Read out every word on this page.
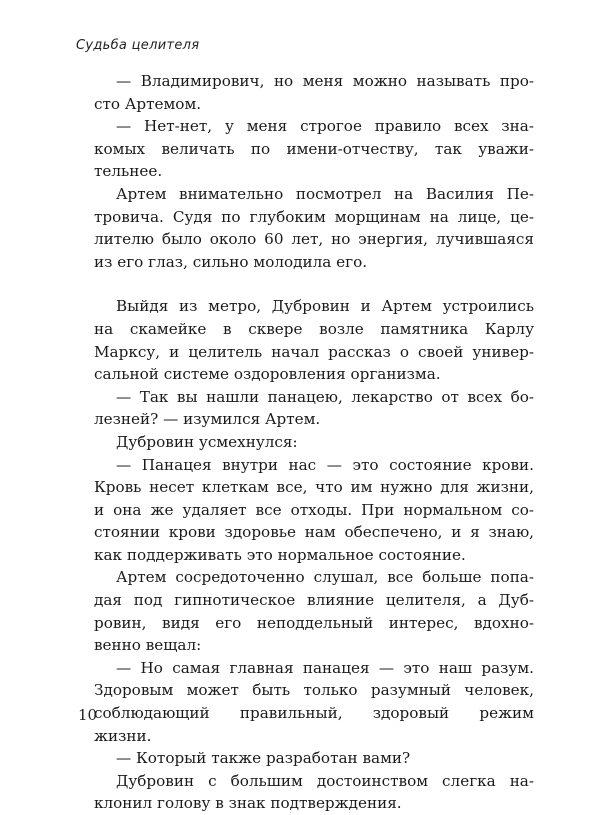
Судьба целителя
— Владимирович, но меня можно называть про-
сто Артемом.
— Нет-нет, у меня строгое правило всех зна-
комых величать по имени-отчеству, так уважи-
тельнее.
Артем внимательно посмотрел на Василия Пе-
тровича. Судя по глубоким морщинам на лице, це-
лителю было около 60 лет, но энергия, лучившаяся
из его глаз, сильно молодила его.
Выйдя из метро, Дубровин и Артем устроились
на скамейке в сквере возле памятника Карлу
Марксу, и целитель начал рассказ о своей универ-
сальной системе оздоровления организма.
— Так вы нашли панацею, лекарство от всех бо-
лезней? — изумился Артем.
Дубровин усмехнулся:
— Панацея внутри нас — это состояние крови.
Кровь несет клеткам все, что им нужно для жизни,
и она же удаляет все отходы. При нормальном со-
стоянии крови здоровье нам обеспечено, и я знаю,
как поддерживать это нормальное состояние.
Артем сосредоточенно слушал, все больше попа-
дая под гипнотическое влияние целителя, а Дуб-
ровин, видя его неподдельный интерес, вдохно-
венно вещал:
— Но самая главная панацея — это наш разум.
Здоровым может быть только разумный человек,
соблюдающий правильный, здоровый режим
жизни.
— Который также разработан вами?
Дубровин с большим достоинством слегка на-
клонил голову в знак подтверждения.
10
